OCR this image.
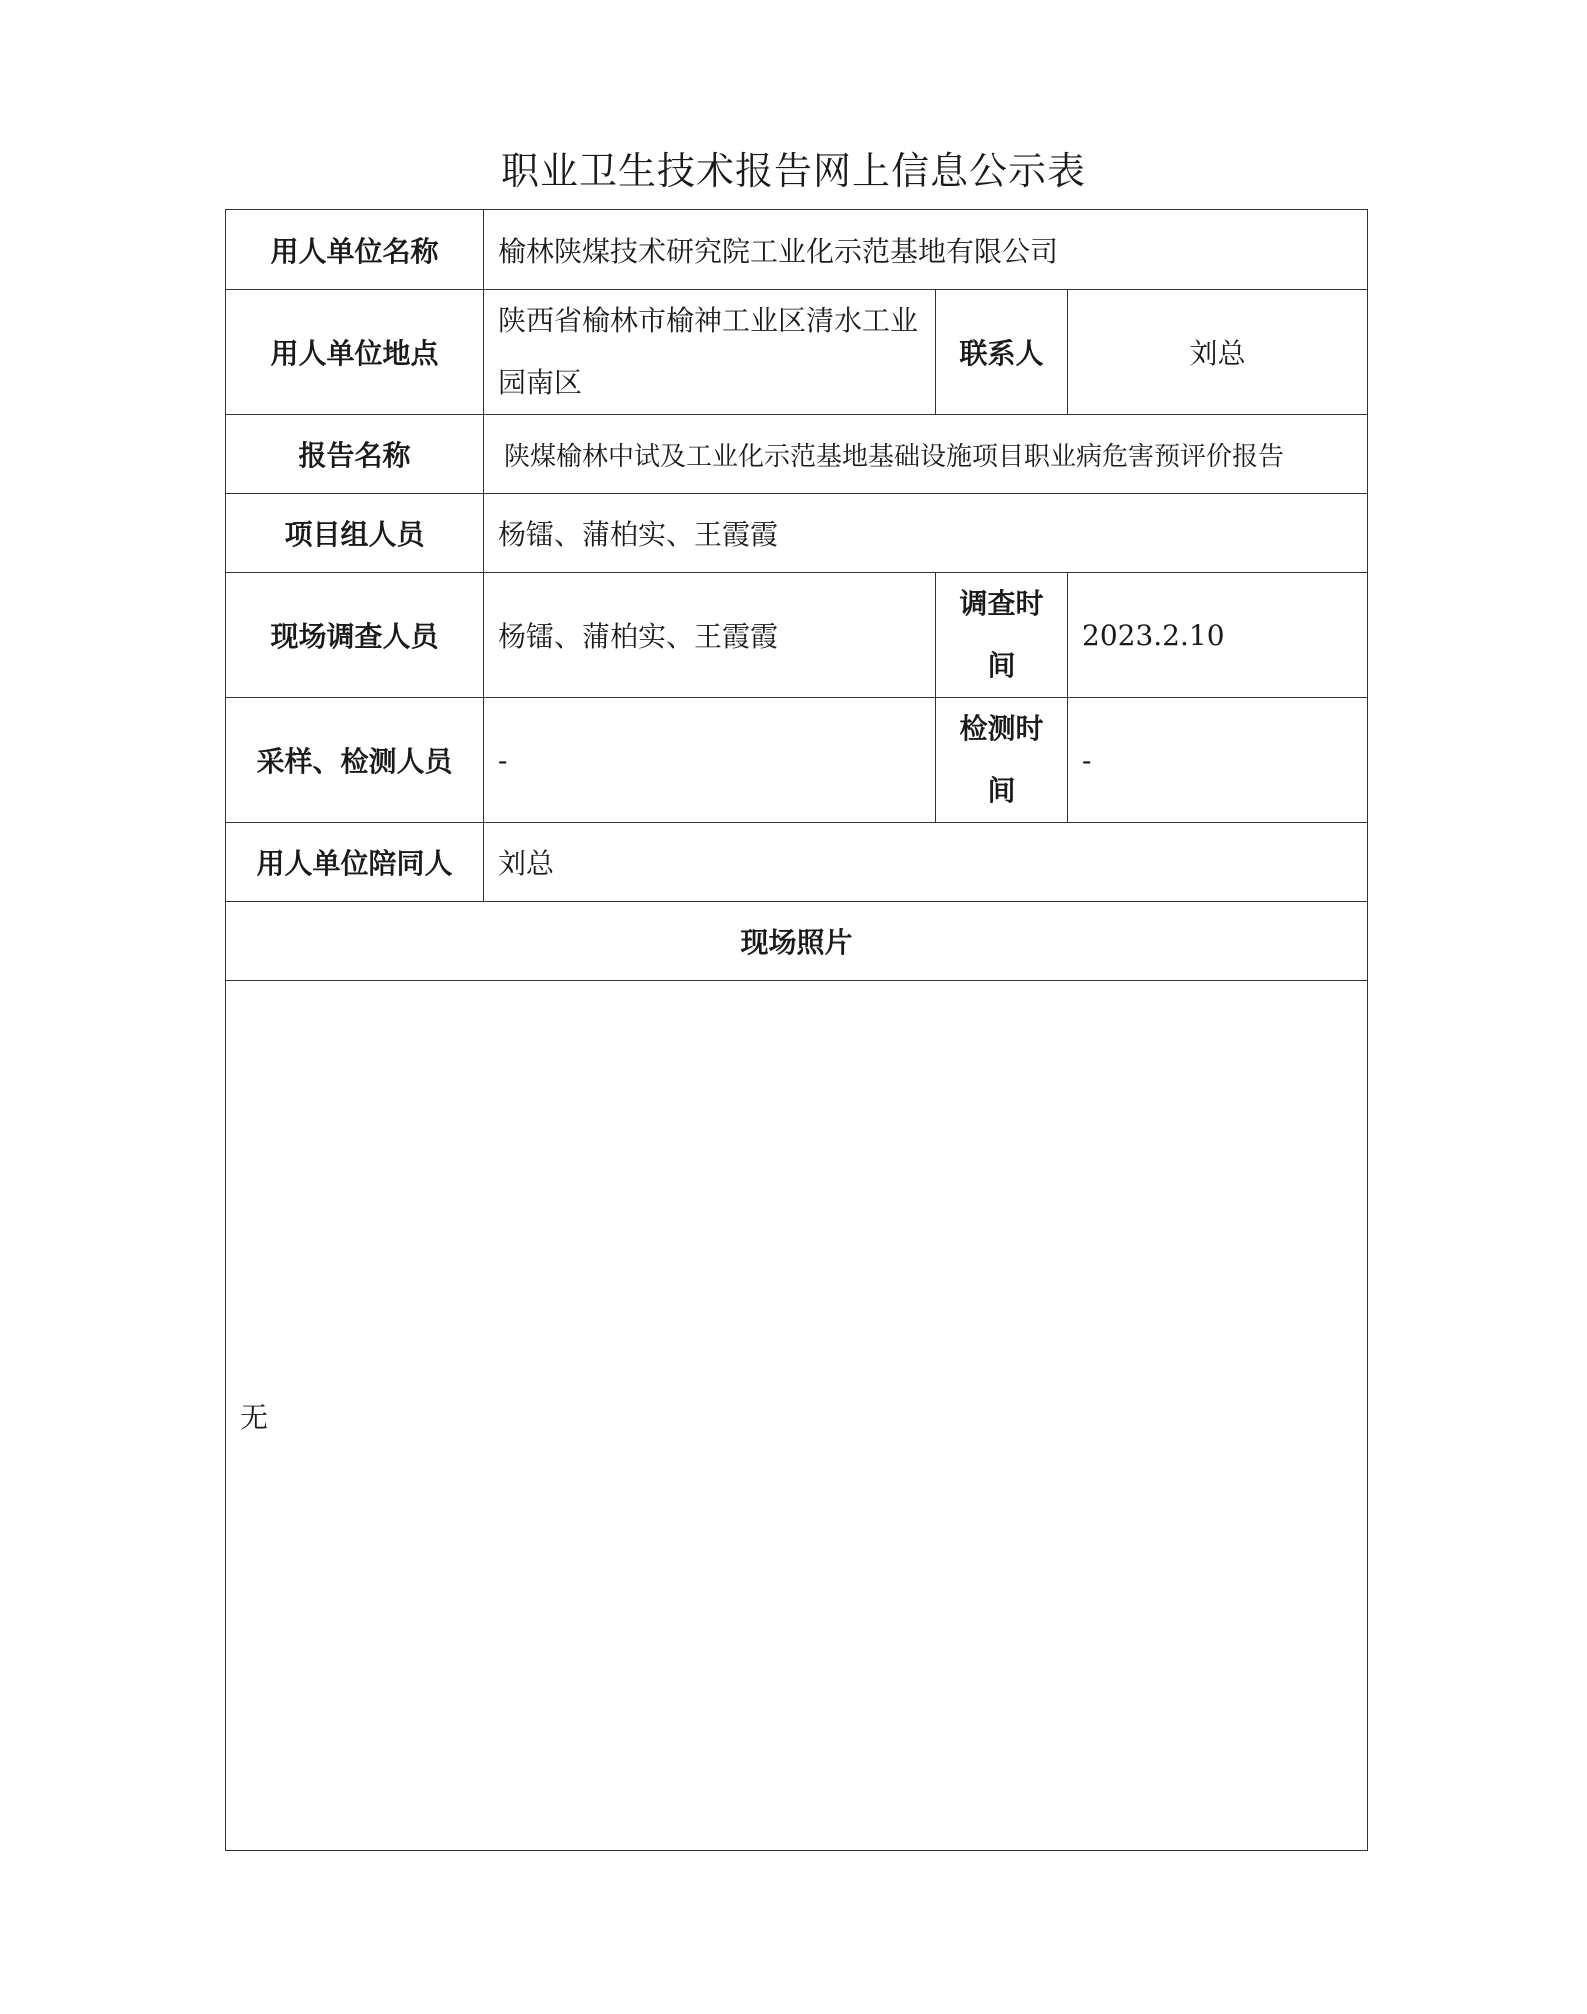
职业卫生技术报告网上信息公示表
用人单位名称	榆林陕煤技术研究院工业化示范基地有限公司		
用人单位地点	陕西省榆林市榆神工业区清水工业园南区	联系人	刘总
报告名称	陕煤榆林中试及工业化示范基地基础设施项目职业病危害预评价报告		
项目组人员	杨镭、蒲柏实、王霞霞		
现场调查人员	杨镭、蒲柏实、王霞霞	调查时间	2023.2.10
采样、检测人员	-	检测时间	-
用人单位陪同人	刘总		
现场照片			
无			
